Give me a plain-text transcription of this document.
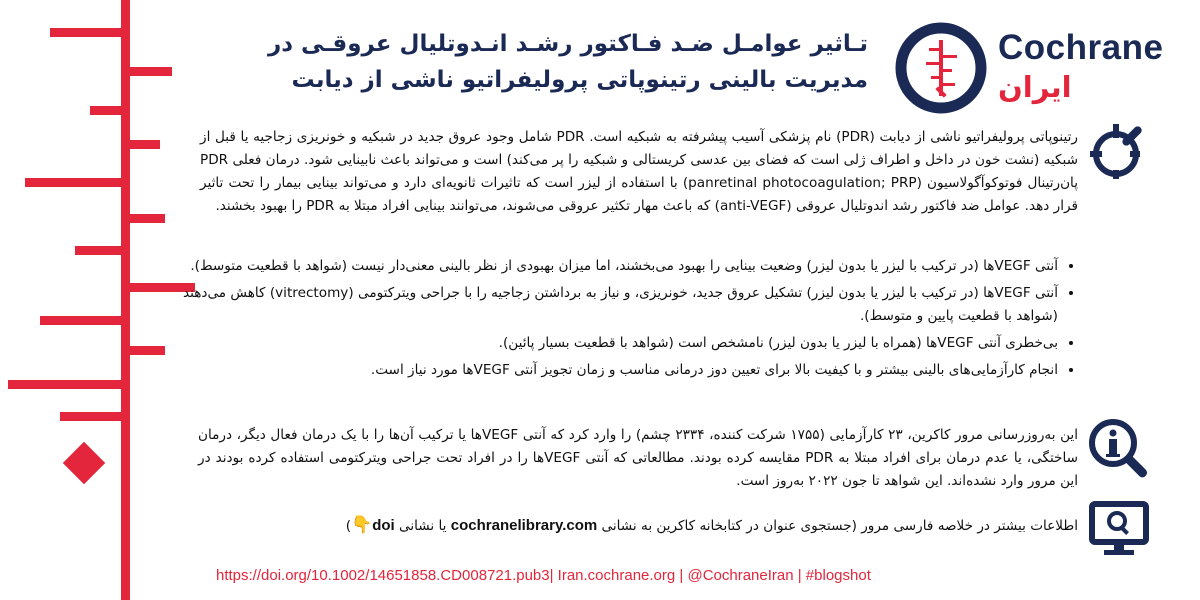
تـاثیر عوامـل ضـد فـاکتور رشـد انـدوتلیال عروقـی در
مدیریت بالینی رتینوپاتی پرولیفراتیو ناشی از دیابت
Cochrane
ایران

رتینوپاتی پرولیفراتیو ناشی از دیابت (PDR) نام پزشکی آسیب پیشرفته به شبکیه است. PDR شامل وجود عروق جدید در شبکیه و خونریزی زجاجیه یا قبل از شبکیه (نشت خون در داخل و اطراف ژلی است که فضای بین عدسی کریستالی و شبکیه را پر می‌کند) است و می‌تواند باعث نابینایی شود. درمان فعلی PDR پان‌رتینال فوتوکوآگولاسیون (panretinal photocoagulation; PRP) با استفاده از لیزر است که تاثیرات ثانویه‌ای دارد و می‌تواند بینایی بیمار را تحت تاثیر قرار دهد. عوامل ضد فاکتور رشد اندوتلیال عروقی (anti-VEGF) که باعث مهار تکثیر عروقی می‌شوند، می‌توانند بینایی افراد مبتلا به PDR را بهبود بخشند.

• آنتی VEGFها (در ترکیب با لیزر یا بدون لیزر) وضعیت بینایی را بهبود می‌بخشند، اما میزان بهبودی از نظر بالینی معنی‌دار نیست (شواهد با قطعیت متوسط).
• آنتی VEGFها (در ترکیب با لیزر یا بدون لیزر) تشکیل عروق جدید، خونریزی، و نیاز به برداشتن زجاجیه را با جراحی ویترکتومی (vitrectomy) کاهش می‌دهند (شواهد با قطعیت پایین و متوسط).
• بی‌خطری آنتی VEGFها (همراه با لیزر یا بدون لیزر) نامشخص است (شواهد با قطعیت بسیار پائین).
• انجام کارآزمایی‌های بالینی بیشتر و با کیفیت بالا برای تعیین دوز درمانی مناسب و زمان تجویز آنتی VEGFها مورد نیاز است.

این به‌روزرسانی مرور کاکرین، ۲۳ کارآزمایی (۱۷۵۵ شرکت کننده، ۲۳۳۴ چشم) را وارد کرد که آنتی VEGFها یا ترکیب آن‌ها را با یک درمان فعال دیگر، درمان ساختگی، یا عدم درمان برای افراد مبتلا به PDR مقایسه کرده بودند. مطالعاتی که آنتی VEGFها را در افراد تحت جراحی ویترکتومی استفاده کرده بودند در این مرور وارد نشده‌اند. این شواهد تا جون ۲۰۲۲ به‌روز است.

اطلاعات بیشتر در خلاصه فارسی مرور (جستجوی عنوان در کتابخانه کاکرین به نشانی cochranelibrary.com یا نشانی doi👇)
https://doi.org/10.1002/14651858.CD008721.pub3| Iran.cochrane.org | @CochraneIran | #blogshot
